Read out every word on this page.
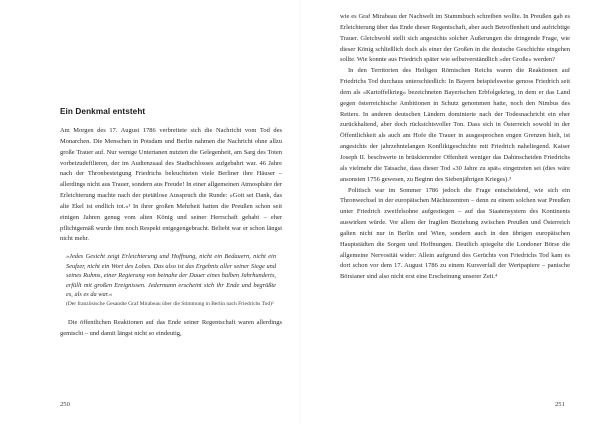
Ein Denkmal entsteht

Am Morgen des 17. August 1786 verbreitete sich die Nachricht vom Tod des Monarchen. Die Menschen in Potsdam und Berlin nahmen die Nachricht ohne allzu große Trauer auf. Nur wenige Untertanen nutzten die Gelegenheit, am Sarg des Toten vorbeizudefilieren, der im Audienzsaal des Stadtschlosses aufgebahrt war. 46 Jahre nach der Thronbesteigung Friedrichs beleuchteten viele Berliner ihre Häuser – allerdings nicht aus Trauer, sondern aus Freude! In einer allgemeinen Atmosphäre der Erleichterung machte nach der pietätlose Ausspruch die Runde: »Gott sei Dank, das alte Ekel ist endlich tot.«¹ In ihrer großen Mehrheit hatten die Preußen schon seit einigen Jahren genug vom alten König und seiner Herrschaft gehabt – eher pflichtgemäß wurde ihm noch Respekt entgegengebracht. Beliebt war er schon längst nicht mehr.

»Jedes Gesicht zeigt Erleichterung und Hoffnung, nicht ein Bedauern, nicht ein Seufzer, nicht ein Wort des Lobes. Das also ist das Ergebnis aller seiner Siege und seines Ruhms, einer Regierung von beinahe der Dauer eines halben Jahrhunderts, erfüllt mit großen Ereignissen. Jedermann erscheint sich ihr Ende und begrüßte es, als es da war.«

(Der französische Gesandte Graf Mirabeau über die Stimmung in Berlin nach Friedrichs Tod)²

Die öffentlichen Reaktionen auf das Ende seiner Regentschaft waren allerdings gemischt – und damit längst nicht so eindeutig,

250

wie es Graf Mirabeau der Nachwelt im Stammbuch schreiben wollte. In Preußen gab es Erleichterung über das Ende dieser Regentschaft, aber auch Betroffenheit und aufrichtige Trauer. Gleichwohl stellt sich angesichts solcher Äußerungen die dringende Frage, wie dieser König schließlich doch als einer der Großen in die deutsche Geschichte eingehen sollte. Wie konnte aus Friedrich später wie selbstverständlich »der Große« werden?

In den Territorien des Heiligen Römischen Reichs waren die Reaktionen auf Friedrichs Tod durchaus unterschiedlich: In Bayern beispielsweise genoss Friedrich seit dem als »Kartoffelkrieg« bezeichneten Bayerischen Erbfolgekrieg, in dem er das Land gegen österreichische Ambitionen in Schutz genommen hatte, noch den Nimbus des Retters. In anderen deutschen Ländern dominierte nach der Todesnachricht ein eher zurückhaltend, aber doch rücksichtsvoller Ton. Dass sich in Österreich sowohl in der Öffentlichkeit als auch am Hofe die Trauer in ausgesprochen engen Grenzen hielt, ist angesichts der jahrzehntelangen Konfliktgeschichte mit Friedrich naheliegend. Kaiser Joseph II. beschwerte in brüskierender Offenheit weniger das Dahinscheiden Friedrichs als vielmehr die Tatsache, dass dieser Tod »30 Jahre zu spät« eingetreten sei (dies wäre ansonsten 1756 gewesen, zu Beginn des Siebenjährigen Krieges).³

Politisch war im Sommer 1786 jedoch die Frage entscheidend, wie sich ein Thronwechsel in der europäischen Mächtezentren – denn zu einem solchen war Preußen unter Friedrich zweifelsohne aufgestiegen – auf das Staatensystem des Kontinents auswirken würde. Vor allem der fragilen Beziehung zwischen Preußen und Österreich galten nicht nur in Berlin und Wien, sondern auch in den übrigen europäischen Hauptstädten die Sorgen und Hoffnungen. Deutlich spiegelte die Londoner Börse die allgemeine Nervosität wider: Allein aufgrund des Gerüchts von Friedrichs Tod kam es dort schon vor dem 17. August 1786 zu einem Kursverfall der Wertpapiere – panische Börsianer sind also nicht erst eine Erscheinung unserer Zeit.⁴

251
